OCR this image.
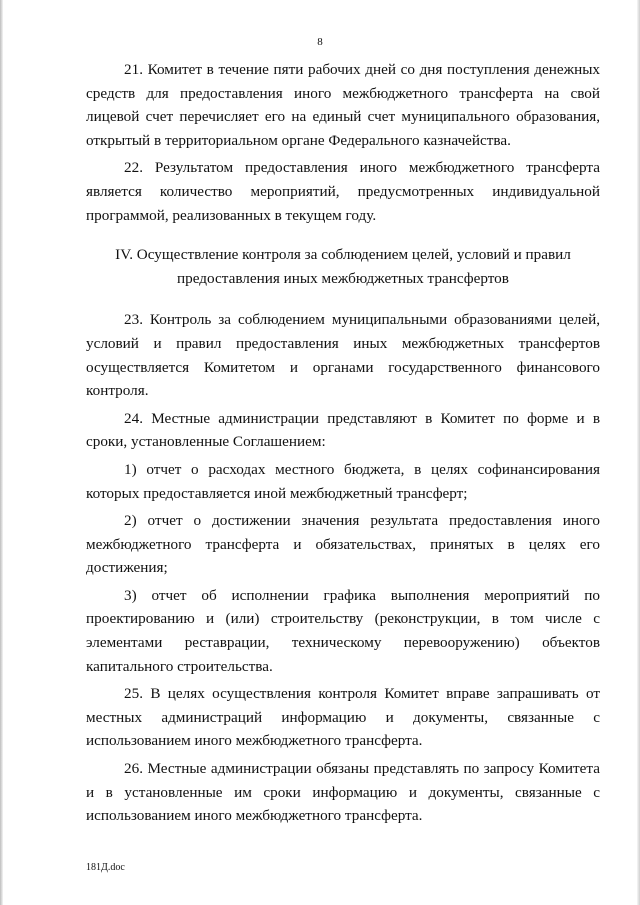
8

21. Комитет в течение пяти рабочих дней со дня поступления денежных средств для предоставления иного межбюджетного трансферта на свой лицевой счет перечисляет его на единый счет муниципального образования, открытый в территориальном органе Федерального казначейства.

22. Результатом предоставления иного межбюджетного трансферта является количество мероприятий, предусмотренных индивидуальной программой, реализованных в текущем году.

IV. Осуществление контроля за соблюдением целей, условий и правил
предоставления иных межбюджетных трансфертов

23. Контроль за соблюдением муниципальными образованиями целей, условий и правил предоставления иных межбюджетных трансфертов осуществляется Комитетом и органами государственного финансового контроля.

24. Местные администрации представляют в Комитет по форме и в сроки, установленные Соглашением:

1) отчет о расходах местного бюджета, в целях софинансирования которых предоставляется иной межбюджетный трансферт;

2) отчет о достижении значения результата предоставления иного межбюджетного трансферта и обязательствах, принятых в целях его достижения;

3) отчет об исполнении графика выполнения мероприятий по проектированию и (или) строительству (реконструкции, в том числе с элементами реставрации, техническому перевооружению) объектов капитального строительства.

25. В целях осуществления контроля Комитет вправе запрашивать от местных администраций информацию и документы, связанные с использованием иного межбюджетного трансферта.

26. Местные администрации обязаны представлять по запросу Комитета и в установленные им сроки информацию и документы, связанные с использованием иного межбюджетного трансферта.

181Д.doc
